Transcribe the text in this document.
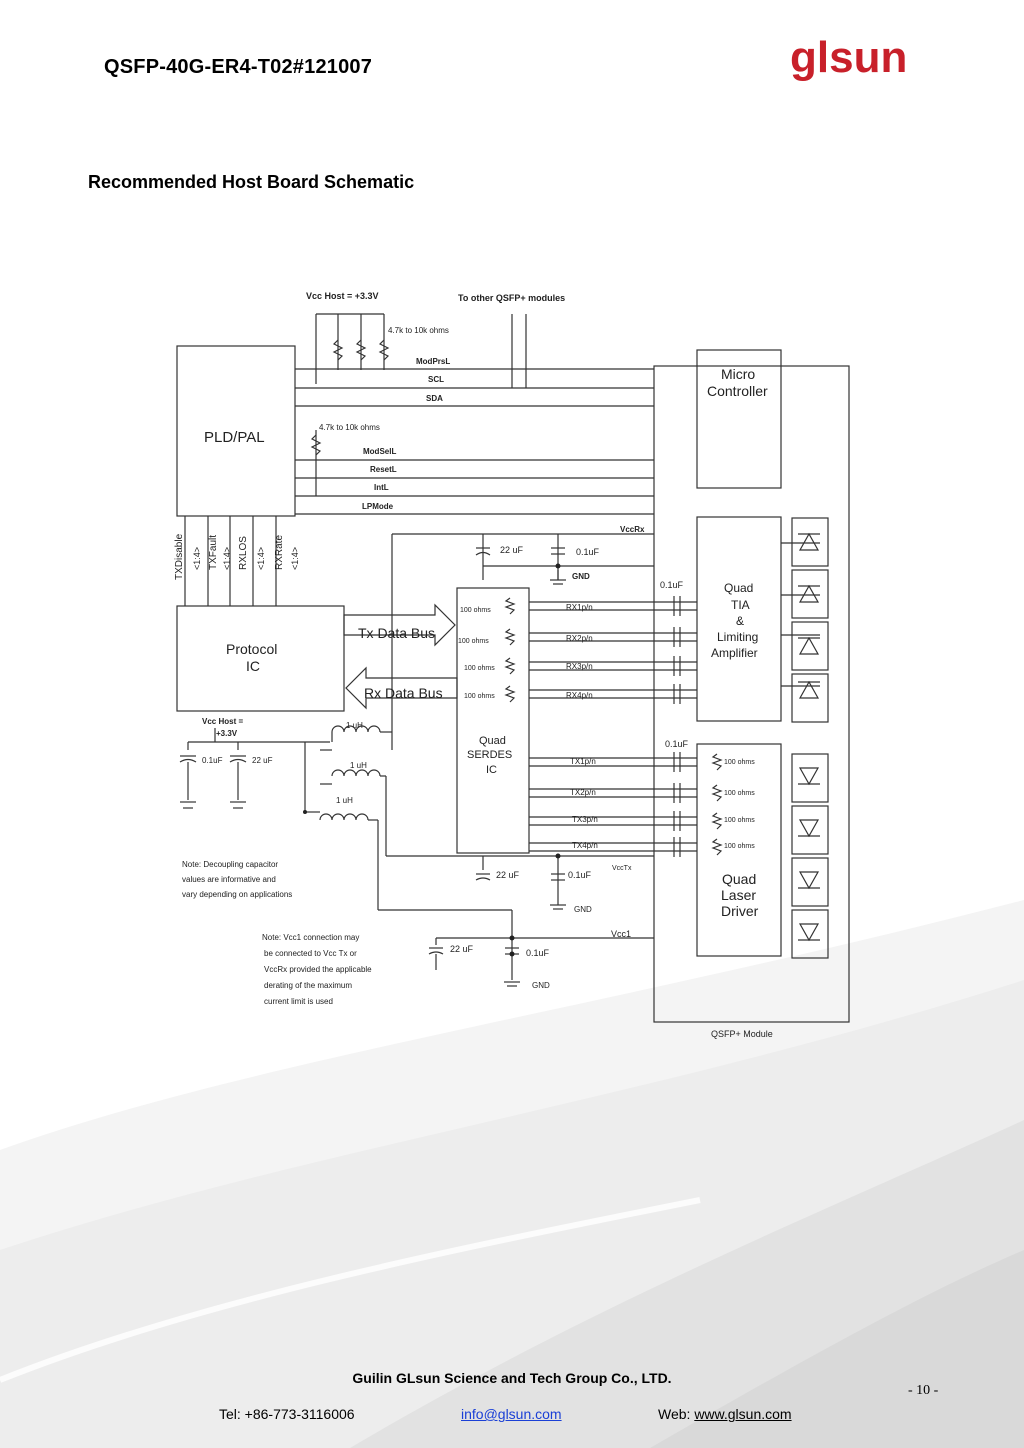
QSFP-40G-ER4-T02#121007	glsun
Recommended Host Board Schematic
Vcc Host = +3.3V	To other QSFP+ modules
4.7k to 10k ohms
4.7k to 10k ohms
ModPrsL
SCL
SDA
ModSelL
ResetL
IntL
LPMode
PLD/PAL
Micro
Controller
TXDisable <1:4> TXFault <1:4> RXLOS <1:4> RXRate <1:4>
Protocol
IC
Tx Data Bus
Rx Data Bus
VccRx
22 uF	0.1uF
GND
0.1uF
100 ohms
100 ohms
100 ohms
100 ohms
RX1p/n
RX2p/n
RX3p/n
RX4p/n
Quad
TIA
&
Limiting
Amplifier
Quad
SERDES
IC
0.1uF
TX1p/n
TX2p/n
TX3p/n
TX4p/n
100 ohms
100 ohms
100 ohms
100 ohms
Quad
Laser
Driver
Vcc Host =
+3.3V
0.1uF	22 uF
1 uH
1 uH
1 uH
VccTx
22 uF	0.1uF
GND
Vcc1
22 uF	0.1uF
GND
Note: Decoupling capacitor
values are informative and
vary depending on applications
Note: Vcc1 connection may
be connected to Vcc Tx or
VccRx provided the applicable
derating of the maximum
current limit is used
QSFP+ Module
Guilin GLsun Science and Tech Group Co., LTD.
- 10 -
Tel: +86-773-3116006	info@glsun.com	Web: www.glsun.com
